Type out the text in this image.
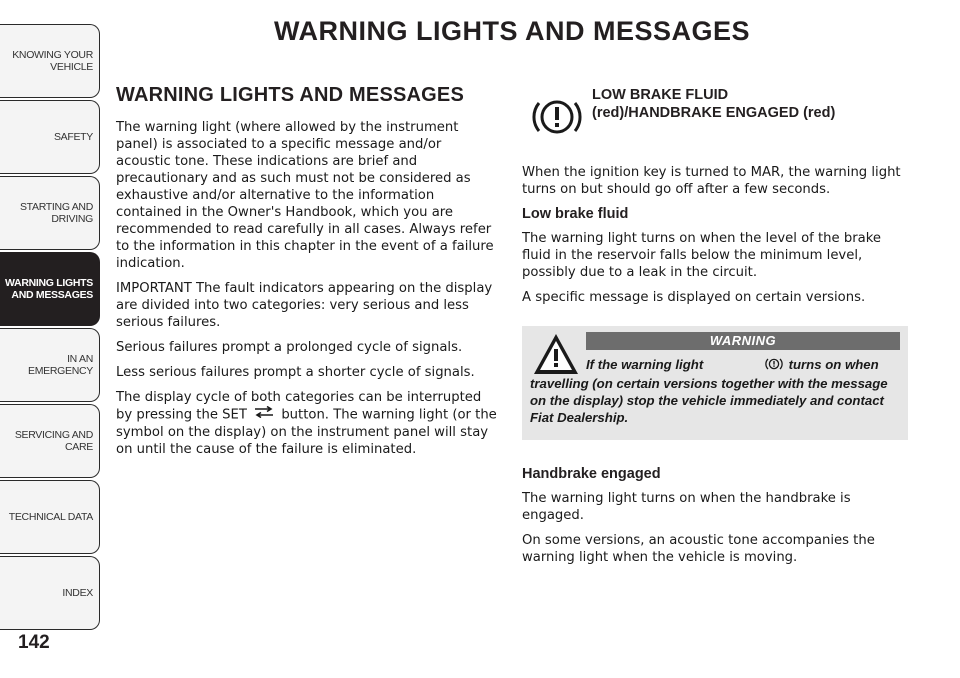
KNOWING YOUR
VEHICLE
SAFETY
STARTING AND
DRIVING
WARNING LIGHTS
AND MESSAGES
IN AN EMERGENCY
SERVICING AND
CARE
TECHNICAL DATA
INDEX
142
WARNING LIGHTS AND MESSAGES
WARNING LIGHTS AND MESSAGES

The warning light (where allowed by the instrument panel) is associated to a specific message and/or acoustic tone. These indications are brief and precautionary and as such must not be considered as exhaustive and/or alternative to the information contained in the Owner's Handbook, which you are recommended to read carefully in all cases. Always refer to the information in this chapter in the event of a failure indication.

IMPORTANT The fault indicators appearing on the display are divided into two categories: very serious and less serious failures.

Serious failures prompt a prolonged cycle of signals.

Less serious failures prompt a shorter cycle of signals.

The display cycle of both categories can be interrupted by pressing the SET	button. The warning light (or the symbol on the display) on the instrument panel will stay on until the cause of the failure is eliminated.

LOW BRAKE FLUID
(red)/HANDBRAKE ENGAGED (red)

When the ignition key is turned to MAR, the warning light turns on but should go off after a few seconds.

Low brake fluid

The warning light turns on when the level of the brake fluid in the reservoir falls below the minimum level, possibly due to a leak in the circuit.

A specific message is displayed on certain versions.

WARNING

If the warning light	turns on when travelling (on certain versions together with the message on the display) stop the vehicle immediately and contact Fiat Dealership.

Handbrake engaged

The warning light turns on when the handbrake is engaged.

On some versions, an acoustic tone accompanies the warning light when the vehicle is moving.
